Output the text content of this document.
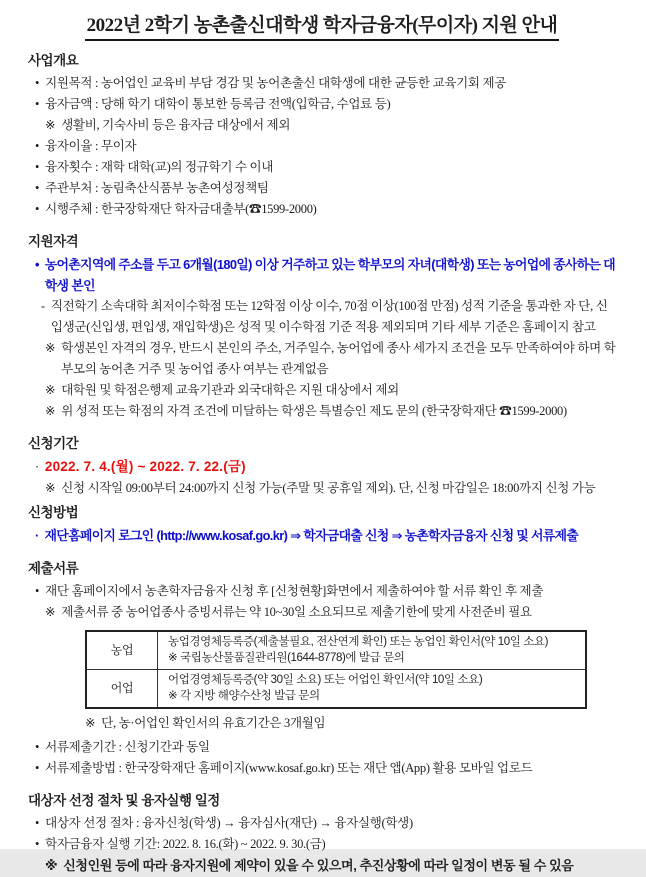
2022년 2학기 농촌출신대학생 학자금융자(무이자) 지원 안내
사업개요
• 지원목적 : 농어업인 교육비 부담 경감 및 농어촌출신 대학생에 대한 균등한 교육기회 제공
• 융자금액 : 당해 학기 대학이 통보한 등록금 전액(입학금, 수업료 등)
※ 생활비, 기숙사비 등은 융자금 대상에서 제외
• 융자이율 : 무이자
• 융자횟수 : 재학 대학(교)의 정규학기 수 이내
• 주관부처 : 농림축산식품부 농촌여성정책팀
• 시행주체 : 한국장학재단 학자금대출부(☎1599-2000)
지원자격
• 농어촌지역에 주소를 두고 6개월(180일) 이상 거주하고 있는 학부모의 자녀(대학생) 또는 농어업에 종사하는 대학생 본인
- 직전학기 소속대학 최저이수학점 또는 12학점 이상 이수, 70점 이상(100점 만점) 성적 기준을 통과한 자 단, 신입생군(신입생, 편입생, 재입학생)은 성적 및 이수학점 기준 적용 제외되며 기타 세부 기준은 홈페이지 참고
※ 학생본인 자격의 경우, 반드시 본인의 주소, 거주일수, 농어업에 종사 세가지 조건을 모두 만족하여야 하며 학부모의 농어촌 거주 및 농어업 종사 여부는 관계없음
※ 대학원 및 학점은행제 교육기관과 외국대학은 지원 대상에서 제외
※ 위 성적 또는 학점의 자격 조건에 미달하는 학생은 특별승인 제도 문의 (한국장학재단 ☎1599-2000)
신청기간
· 2022. 7. 4.(월) ~ 2022. 7. 22.(금)
※ 신청 시작일 09:00부터 24:00까지 신청 가능(주말 및 공휴일 제외). 단, 신청 마감일은 18:00까지 신청 가능
신청방법
· 재단홈페이지 로그인 (http://www.kosaf.go.kr) ⇒ 학자금대출 신청 ⇒ 농촌학자금융자 신청 및 서류제출
제출서류
• 재단 홈페이지에서 농촌학자금융자 신청 후 [신청현황]화면에서 제출하여야 할 서류 확인 후 제출
※ 제출서류 중 농어업종사 증빙서류는 약 10~30일 소요되므로 제출기한에 맞게 사전준비 필요
농업	농업경영체등록증(제출불필요, 전산연계 확인) 또는 농업인 확인서(약 10일 소요)
※ 국립농산물품질관리원(1644-8778)에 발급 문의

어업	어업경영체등록증(약 30일 소요) 또는 어업인 확인서(약 10일 소요)
※ 각 지방 해양수산청 발급 문의
※ 단, 농·어업인 확인서의 유효기간은 3개월임
• 서류제출기간 : 신청기간과 동일
• 서류제출방법 : 한국장학재단 홈페이지(www.kosaf.go.kr) 또는 재단 앱(App) 활용 모바일 업로드
대상자 선정 절차 및 융자실행 일정
• 대상자 선정 절차 : 융자신청(학생) → 융자심사(재단) → 융자실행(학생)
• 학자금융자 실행 기간: 2022. 8. 16.(화) ~ 2022. 9. 30.(금)
※ 신청인원 등에 따라 융자지원에 제약이 있을 수 있으며, 추진상황에 따라 일정이 변동 될 수 있음
